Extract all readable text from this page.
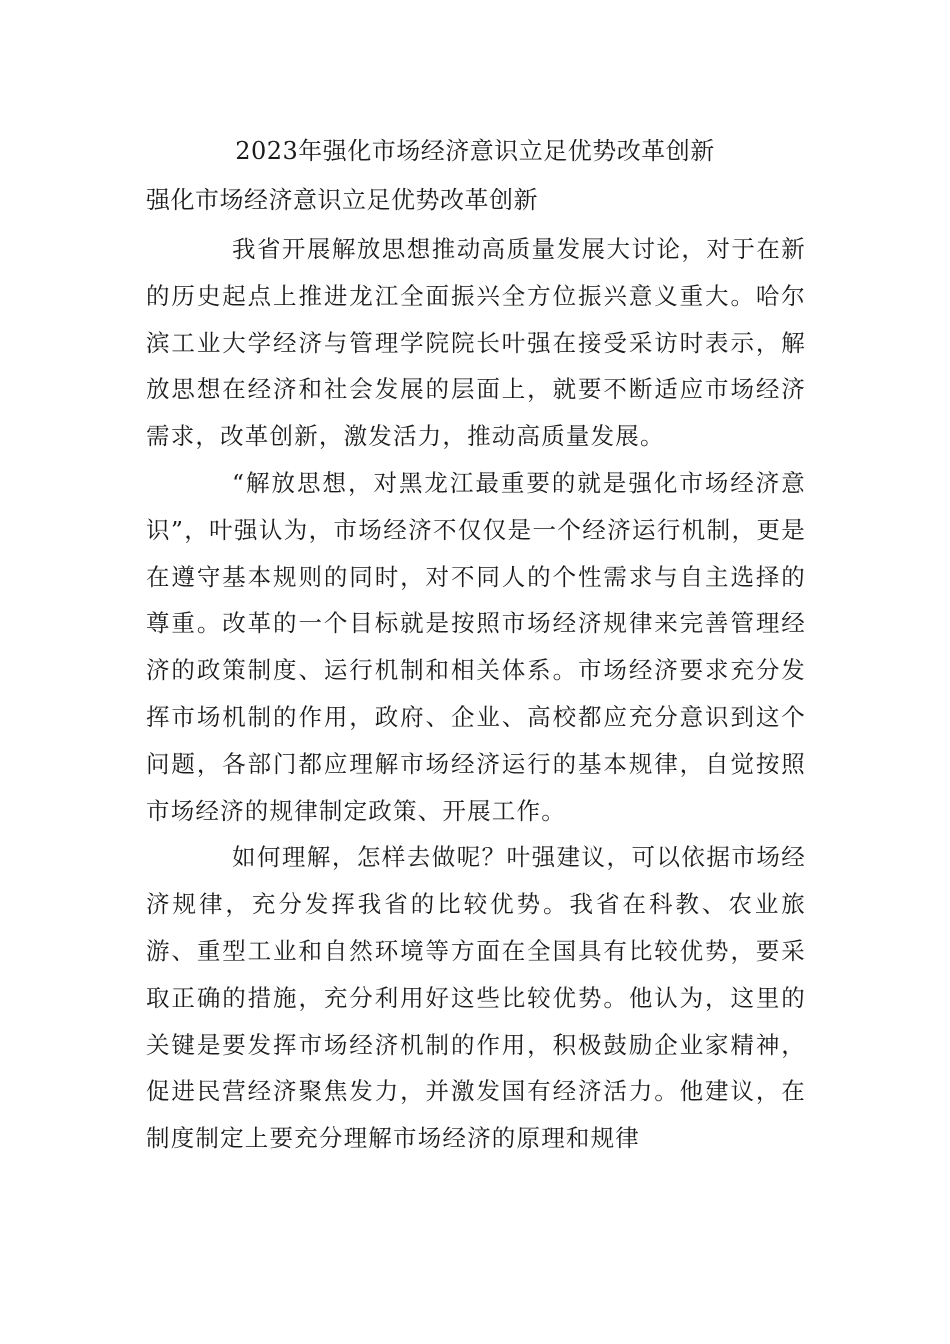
2023年强化市场经济意识立足优势改革创新
强化市场经济意识立足优势改革创新

我省开展解放思想推动高质量发展大讨论，对于在新的历史起点上推进龙江全面振兴全方位振兴意义重大。哈尔滨工业大学经济与管理学院院长叶强在接受采访时表示，解放思想在经济和社会发展的层面上，就要不断适应市场经济需求，改革创新，激发活力，推动高质量发展。

“解放思想，对黑龙江最重要的就是强化市场经济意识”，叶强认为，市场经济不仅仅是一个经济运行机制，更是在遵守基本规则的同时，对不同人的个性需求与自主选择的尊重。改革的一个目标就是按照市场经济规律来完善管理经济的政策制度、运行机制和相关体系。市场经济要求充分发挥市场机制的作用，政府、企业、高校都应充分意识到这个问题，各部门都应理解市场经济运行的基本规律，自觉按照市场经济的规律制定政策、开展工作。

如何理解，怎样去做呢？叶强建议，可以依据市场经济规律，充分发挥我省的比较优势。我省在科教、农业旅游、重型工业和自然环境等方面在全国具有比较优势，要采取正确的措施，充分利用好这些比较优势。他认为，这里的关键是要发挥市场经济机制的作用，积极鼓励企业家精神，促进民营经济聚焦发力，并激发国有经济活力。他建议，在制度制定上要充分理解市场经济的原理和规律
